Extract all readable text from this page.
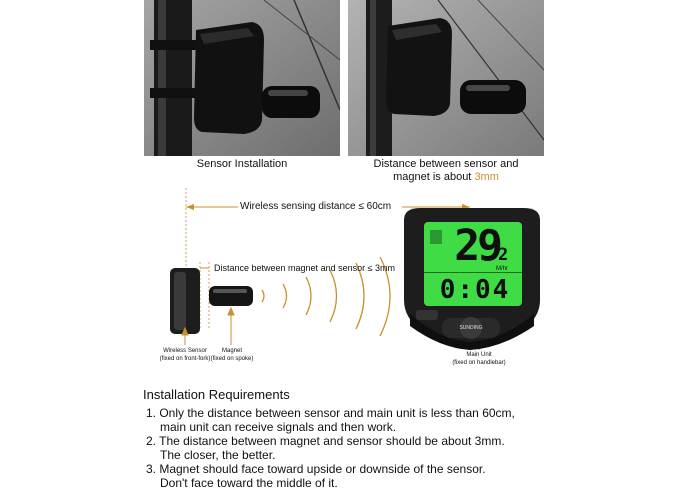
Sensor Installation	Distance between sensor and
magnet is about 3mm
29
2
M/hr
0:04
SUNDING
Wireless sensing distance ≤ 60cm
Distance between magnet and sensor ≤ 3mm
Wireless Sensor
(fixed on front-fork)
Magnet
(fixed on spoke)
Main Unit
(fixed on handlebar)
Installation Requirements
1. Only the distance between sensor and main unit is less than 60cm,
main unit can receive signals and then work.
2. The distance between magnet and sensor should be about 3mm.
The closer, the better.
3. Magnet should face toward upside or downside of the sensor.
Don't face toward the middle of it.
